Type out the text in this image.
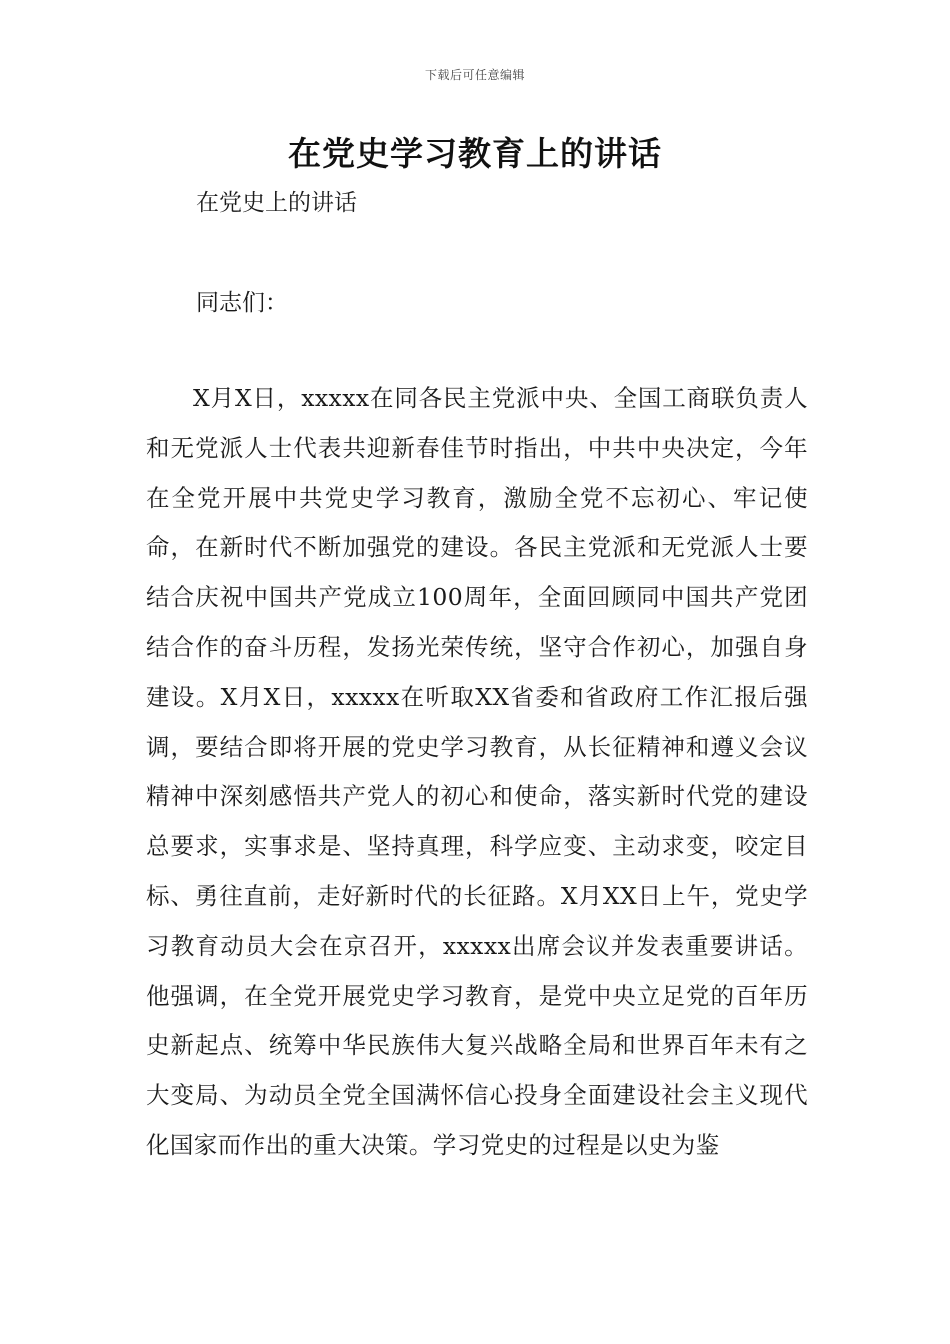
下载后可任意编辑
在党史学习教育上的讲话

在党史上的讲话

同志们：

X月X日，xxxxx在同各民主党派中央、全国工商联负责人和无党派人士代表共迎新春佳节时指出，中共中央决定，今年在全党开展中共党史学习教育，激励全党不忘初心、牢记使命，在新时代不断加强党的建设。各民主党派和无党派人士要结合庆祝中国共产党成立100周年，全面回顾同中国共产党团结合作的奋斗历程，发扬光荣传统，坚守合作初心，加强自身建设。X月X日，xxxxx在听取XX省委和省政府工作汇报后强调，要结合即将开展的党史学习教育，从长征精神和遵义会议精神中深刻感悟共产党人的初心和使命，落实新时代党的建设总要求，实事求是、坚持真理，科学应变、主动求变，咬定目标、勇往直前，走好新时代的长征路。X月XX日上午，党史学习教育动员大会在京召开，xxxxx出席会议并发表重要讲话。他强调，在全党开展党史学习教育，是党中央立足党的百年历史新起点、统筹中华民族伟大复兴战略全局和世界百年未有之大变局、为动员全党全国满怀信心投身全面建设社会主义现代化国家而作出的重大决策。学习党史的过程是以史为鉴
